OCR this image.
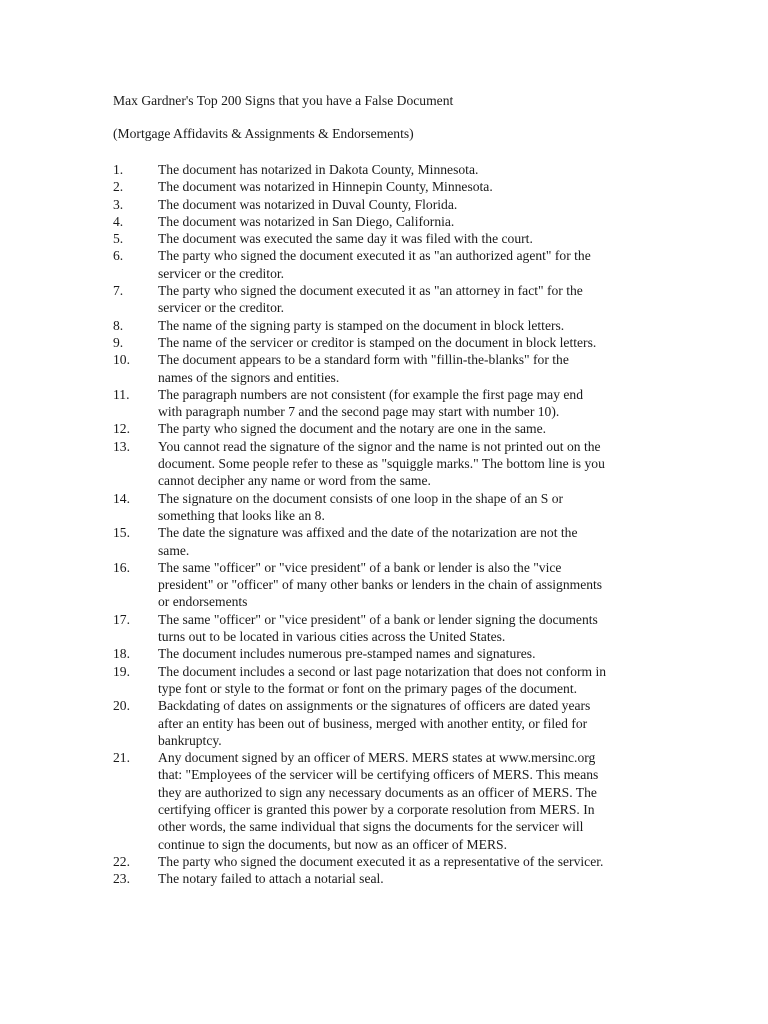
Max Gardner's Top 200 Signs that you have a False Document
(Mortgage Affidavits & Assignments & Endorsements)
1.	The document has notarized in Dakota County, Minnesota.
2.	The document was notarized in Hinnepin County, Minnesota.
3.	The document was notarized in Duval County, Florida.
4.	The document was notarized in San Diego, California.
5.	The document was executed the same day it was filed with the court.
6.	The party who signed the document executed it as "an authorized agent" for the
servicer or the creditor.
7.	The party who signed the document executed it as "an attorney in fact" for the
servicer or the creditor.
8.	The name of the signing party is stamped on the document in block letters.
9.	The name of the servicer or creditor is stamped on the document in block letters.
10.	The document appears to be a standard form with "fillin-the-blanks" for the
names of the signors and entities.
11.	The paragraph numbers are not consistent (for example the first page may end
with paragraph number 7 and the second page may start with number 10).
12.	The party who signed the document and the notary are one in the same.
13.	You cannot read the signature of the signor and the name is not printed out on the
document. Some people refer to these as "squiggle marks." The bottom line is you
cannot decipher any name or word from the same.
14.	The signature on the document consists of one loop in the shape of an S or
something that looks like an 8.
15.	The date the signature was affixed and the date of the notarization are not the
same.
16.	The same "officer" or "vice president" of a bank or lender is also the "vice
president" or "officer" of many other banks or lenders in the chain of assignments
or endorsements
17.	The same "officer" or "vice president" of a bank or lender signing the documents
turns out to be located in various cities across the United States.
18.	The document includes numerous pre-stamped names and signatures.
19.	The document includes a second or last page notarization that does not conform in
type font or style to the format or font on the primary pages of the document.
20.	Backdating of dates on assignments or the signatures of officers are dated years
after an entity has been out of business, merged with another entity, or filed for
bankruptcy.
21.	Any document signed by an officer of MERS. MERS states at www.mersinc.org
that: "Employees of the servicer will be certifying officers of MERS. This means
they are authorized to sign any necessary documents as an officer of MERS. The
certifying officer is granted this power by a corporate resolution from MERS. In
other words, the same individual that signs the documents for the servicer will
continue to sign the documents, but now as an officer of MERS.
22.	The party who signed the document executed it as a representative of the servicer.
23.	The notary failed to attach a notarial seal.
